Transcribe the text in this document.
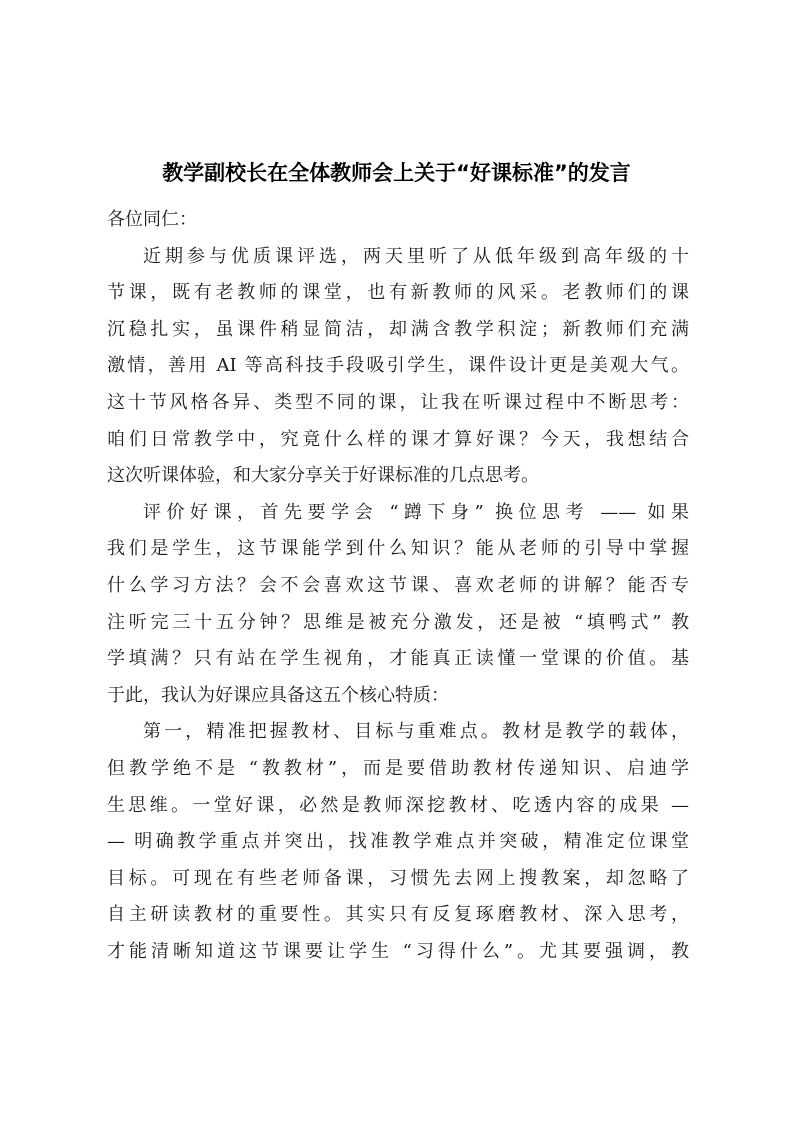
教学副校长在全体教师会上关于“好课标准”的发言
各位同仁：
近期参与优质课评选，两天里听了从低年级到高年级的十
节课，既有老教师的课堂，也有新教师的风采。老教师们的课
沉稳扎实，虽课件稍显简洁，却满含教学积淀；新教师们充满
激情，善用 AI 等高科技手段吸引学生，课件设计更是美观大气。
这十节风格各异、类型不同的课，让我在听课过程中不断思考：
咱们日常教学中，究竟什么样的课才算好课？今天，我想结合
这次听课体验，和大家分享关于好课标准的几点思考。
评价好课，首先要学会 “蹲下身” 换位思考 —— 如果
我们是学生，这节课能学到什么知识？能从老师的引导中掌握
什么学习方法？会不会喜欢这节课、喜欢老师的讲解？能否专
注听完三十五分钟？思维是被充分激发，还是被 “填鸭式” 教
学填满？只有站在学生视角，才能真正读懂一堂课的价值。基
于此，我认为好课应具备这五个核心特质：
第一，精准把握教材、目标与重难点。教材是教学的载体，
但教学绝不是 “教教材”，而是要借助教材传递知识、启迪学
生思维。一堂好课，必然是教师深挖教材、吃透内容的成果 —
— 明确教学重点并突出，找准教学难点并突破，精准定位课堂
目标。可现在有些老师备课，习惯先去网上搜教案，却忽略了
自主研读教材的重要性。其实只有反复琢磨教材、深入思考，
才能清晰知道这节课要让学生 “习得什么”。尤其要强调，教
